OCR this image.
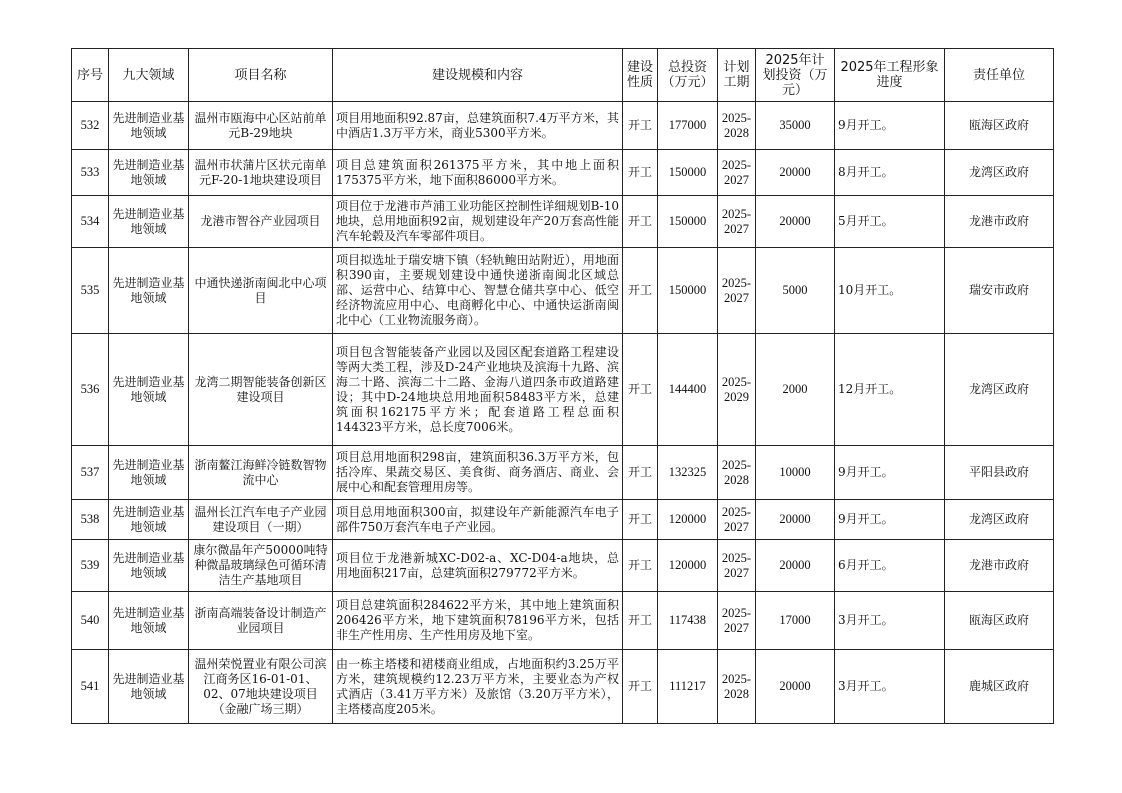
序号	九大领域	项目名称	建设规模和内容	建设性质	总投资（万元）	计划工期	2025年计划投资（万元）	2025年工程形象进度	责任单位
532	先进制造业基地领域	温州市瓯海中心区站前单元B-29地块	项目用地面积92.87亩，总建筑面积7.4万平方米，其中酒店1.3万平方米，商业5300平方米。	开工	177000	2025-2028	35000	9月开工。	瓯海区政府
533	先进制造业基地领域	温州市状蒲片区状元南单元F-20-1地块建设项目	项目总建筑面积261375平方米，其中地上面积175375平方米，地下面积86000平方米。	开工	150000	2025-2027	20000	8月开工。	龙湾区政府
534	先进制造业基地领域	龙港市智谷产业园项目	项目位于龙港市芦浦工业功能区控制性详细规划B-10地块，总用地面积92亩，规划建设年产20万套高性能汽车轮毂及汽车零部件项目。	开工	150000	2025-2027	20000	5月开工。	龙港市政府
535	先进制造业基地领域	中通快递浙南闽北中心项目	项目拟选址于瑞安塘下镇（轻轨鲍田站附近），用地面积390亩，主要规划建设中通快递浙南闽北区域总部、运营中心、结算中心、智慧仓储共享中心、低空经济物流应用中心、电商孵化中心、中通快运浙南闽北中心（工业物流服务商）。	开工	150000	2025-2027	5000	10月开工。	瑞安市政府
536	先进制造业基地领域	龙湾二期智能装备创新区建设项目	项目包含智能装备产业园以及园区配套道路工程建设等两大类工程，涉及D-24产业地块及滨海十九路、滨海二十路、滨海二十二路、金海八道四条市政道路建设；其中D-24地块总用地面积58483平方米，总建筑面积162175平方米；配套道路工程总面积144323平方米，总长度7006米。	开工	144400	2025-2029	2000	12月开工。	龙湾区政府
537	先进制造业基地领域	浙南鳌江海鲜冷链数智物流中心	项目总用地面积298亩，建筑面积36.3万平方米，包括冷库、果蔬交易区、美食街、商务酒店、商业、会展中心和配套管理用房等。	开工	132325	2025-2028	10000	9月开工。	平阳县政府
538	先进制造业基地领域	温州长江汽车电子产业园建设项目（一期）	项目总用地面积300亩，拟建设年产新能源汽车电子部件750万套汽车电子产业园。	开工	120000	2025-2027	20000	9月开工。	龙湾区政府
539	先进制造业基地领域	康尔微晶年产50000吨特种微晶玻璃绿色可循环清洁生产基地项目	项目位于龙港新城XC-D02-a、XC-D04-a地块，总用地面积217亩，总建筑面积279772平方米。	开工	120000	2025-2027	20000	6月开工。	龙港市政府
540	先进制造业基地领域	浙南高端装备设计制造产业园项目	项目总建筑面积284622平方米，其中地上建筑面积206426平方米，地下建筑面积78196平方米，包括非生产性用房、生产性用房及地下室。	开工	117438	2025-2027	17000	3月开工。	瓯海区政府
541	先进制造业基地领域	温州荣悦置业有限公司滨江商务区16-01-01、02、07地块建设项目（金融广场三期）	由一栋主塔楼和裙楼商业组成，占地面积约3.25万平方米，建筑规模约12.23万平方米，主要业态为产权式酒店（3.41万平方米）及旅馆（3.20万平方米），主塔楼高度205米。	开工	111217	2025-2028	20000	3月开工。	鹿城区政府
